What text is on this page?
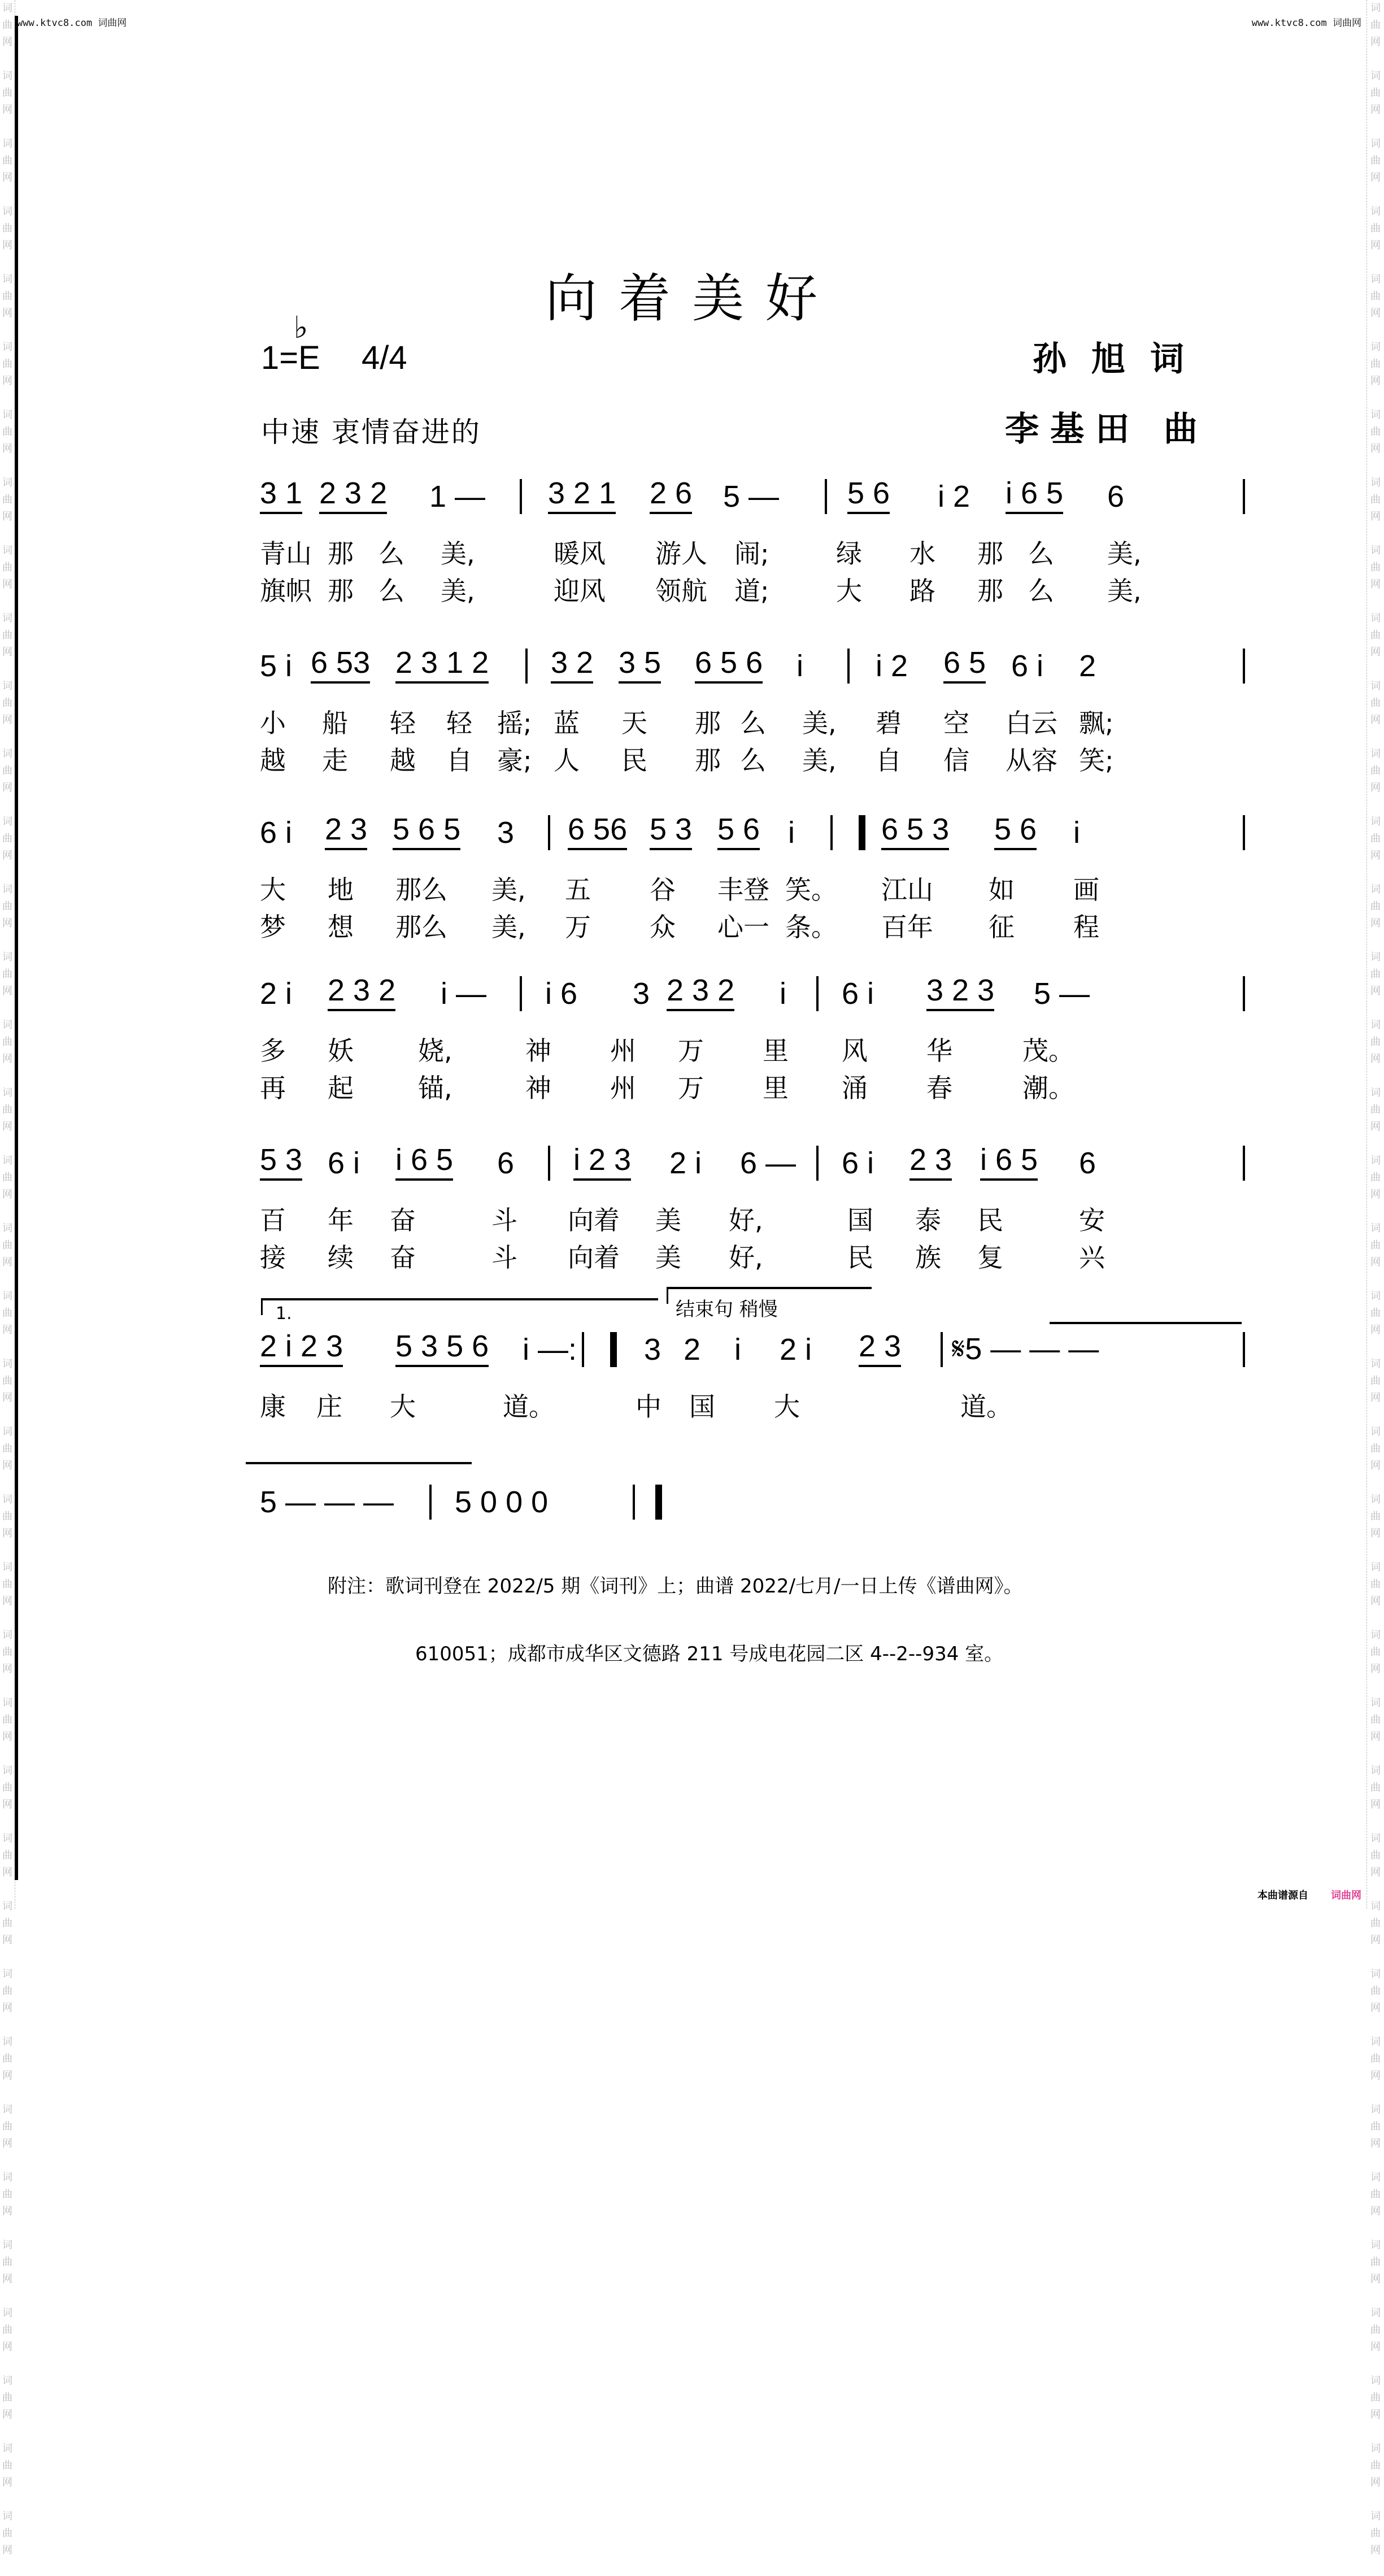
词
曲
网

词
曲
网

词
曲
网

词
曲
网

词
曲
网

词
曲
网

词
曲
网

词
曲
网

词
曲
网

词
曲
网

词
曲
网

词
曲
网

词
曲
网

词
曲
网

词
曲
网

词
曲
网

词
曲
网

词
曲
网

词
曲
网

词
曲
网

词
曲
网

词
曲
网

词
曲
网

词
曲
网

词
曲
网

词
曲
网

词
曲
网

词
曲
网

词
曲
网

词
曲
网

词
曲
网

词
曲
网

词
曲
网

词
曲
网

词
曲
网

词
曲
网

词
曲
网

词
曲
网

词
曲
网

词
曲
网

词
曲
网

词
曲
网

词
曲
网

词
曲
网

词
曲
网

词
曲
网

词
曲
网

词
曲
网

词
曲
网

词
曲
网

词
曲
网

词
曲
网

词
曲
网

词
曲
网

词
曲
网

词
曲
网

词
曲
网

词
曲
网

词
曲
网

词
曲
网

词
曲
网

词
曲
网

词
曲
网

词
曲
网

词
曲
网

词
曲
网

词
曲
网

词
曲
网

词
曲
网

词
曲
网

词
曲
网

词
曲
网

词
曲
网

词
曲
网

词
曲
网

词
曲
网

www.ktvc8.com 词曲网	www.ktvc8.com 词曲网
向着美好
♭
1=E 4/4
中速 衷情奋进的
孙旭词
李基田 曲
3 1 2 3 2 1 — 3 2 1 2 6 5 — 5 6 i 2 i 6 5 6
青山 那 么 美,	暖风 游人 闹;	绿 水 那 么 美,
旗帜 那 么 美,	迎风 领航 道;	大 路 那 么 美,
5 i 6 53 2 3 1 2 3 2 3 5 6 5 6 i i 2 6 5 6 i 2
小 船 轻 轻 摇; 蓝 天 那 么 美, 碧 空 白云 飘;
越 走 越 自 豪; 人 民 那 么 美, 自 信 从容 笑;
6 i 2 3 5 6 5 3 6 56 5 3 5 6 i	6 5 3 5 6 i
大 地 那么 美, 五 谷 丰登 笑。 江山 如 画
梦 想 那么 美, 万 众 心一 条。 百年 征 程
2 i 2 3 2 i — i 6 3 2 3 2 i 6 i 3 2 3 5 —
多 妖 娆,	神 州 万 里 风 华	茂。
再 起 锚,	神 州 万 里 涌 春	潮。
5 3 6 i i 6 5 6 i 2 3 2 i 6 — 6 i 2 3 i 6 5 6
百 年 奋	斗 向着 美 好,	国 泰 民	安
接 续 奋	斗 向着 美 好,	民 族 复	兴
2 i 2 3 5 3 5 6 i —: 3 2 i 2 i 2 3 𝄋5 — — —
康 庄 大	道。	中 国 大	道。
5 — — — 5 0 0 0
1.	结束句 稍慢
附注：歌词刊登在 2022/5 期《词刊》上；曲谱 2022/七月/一日上传《谱曲网》。
610051；成都市成华区文德路 211 号成电花园二区 4--2--934 室。
本曲谱源自 词曲网
